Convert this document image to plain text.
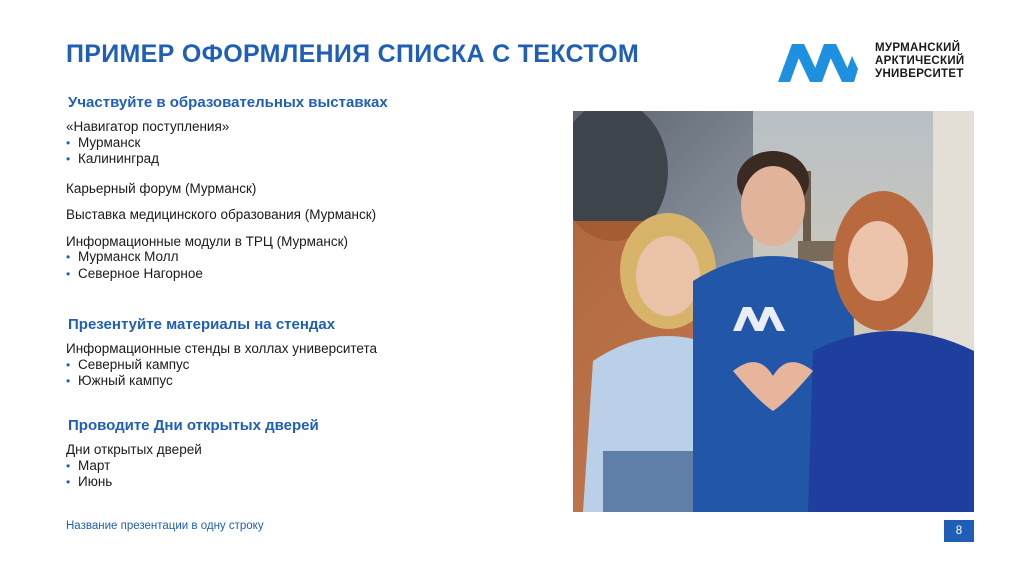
ПРИМЕР ОФОРМЛЕНИЯ СПИСКА С ТЕКСТОМ	МУРМАНСКИЙ
АРКТИЧЕСКИЙ
УНИВЕРСИТЕТ
Участвуйте в образовательных выставках
«Навигатор поступления»
• Мурманск
• Калининград
Карьерный форум (Мурманск)
Выставка медицинского образования (Мурманск)
Информационные модули в ТРЦ (Мурманск)
• Мурманск Молл
• Северное Нагорное
Презентуйте материалы на стендах
Информационные стенды в холлах университета
• Северный кампус
• Южный кампус
Проводите Дни открытых дверей
Дни открытых дверей
• Март
• Июнь
Название презентации в одну строку	8
